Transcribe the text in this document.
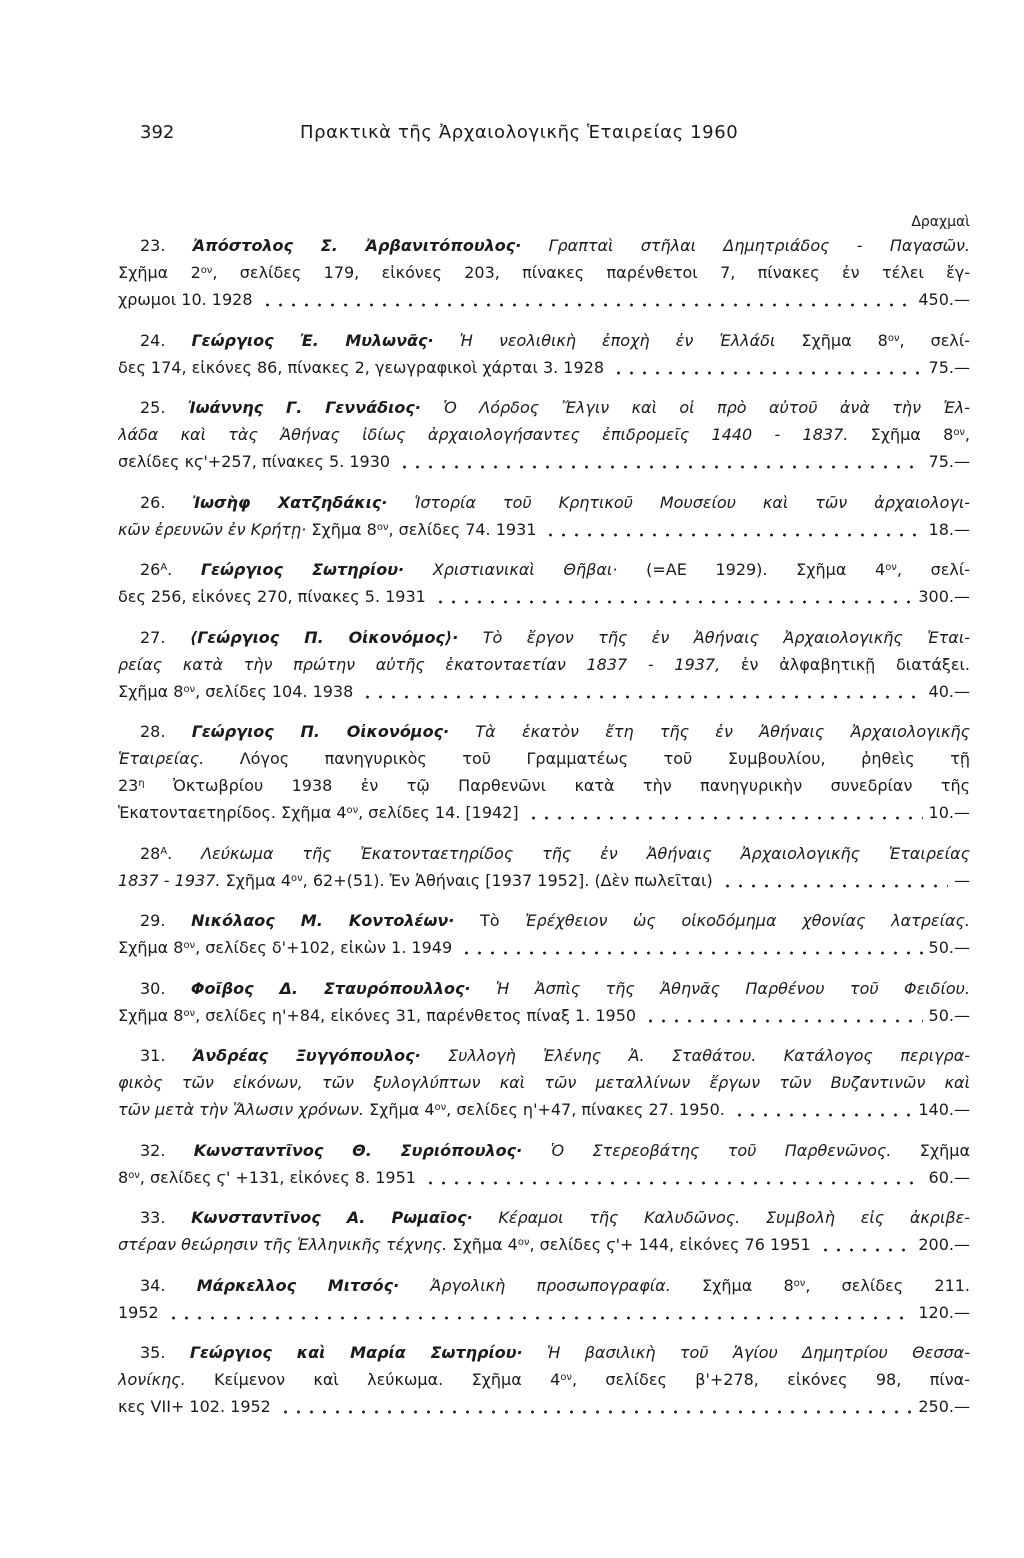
392	Πρακτικὰ τῆς Ἀρχαιολογικῆς Ἑταιρείας 1960
Δραχμαὶ
23. Ἀπόστολος Σ. Ἀρβανιτόπουλος· Γραπταὶ στῆλαι Δημητριάδος - Παγασῶν.
Σχῆμα $2^{o\nu}$, σελίδες 179, εἰκόνες 203, πίνακες παρένθετοι 7, πίνακες ἐν τέλει ἔγ-
χρωμοι 10. 1928	450.—
24. Γεώργιος Ἐ. Μυλωνᾶς· Ἡ νεολιθικὴ ἐποχὴ ἐν Ἑλλάδι Σχῆμα $8^{o\nu}$, σελί-
δες 174, εἰκόνες 86, πίνακες 2, γεωγραφικοὶ χάρται 3. 1928	75.—
25. Ἰωάννης Γ. Γεννάδιος· Ὁ Λόρδος Ἔλγιν καὶ οἱ πρὸ αὐτοῦ ἀνὰ τὴν Ἑλ-
λάδα καὶ τὰς Ἀθήνας ἰδίως ἀρχαιολογήσαντες ἐπιδρομεῖς 1440 - 1837. Σχῆμα $8^{o\nu}$,
σελίδες κϛ'+257, πίνακες 5. 1930	75.—
26. Ἰωσὴφ Χατζηδάκις· Ἱστορία τοῦ Κρητικοῦ Μουσείου καὶ τῶν ἀρχαιολογι-
κῶν ἐρευνῶν ἐν Κρήτῃ· Σχῆμα $8^{o\nu}$, σελίδες 74. 1931	18.—
$26^A$. Γεώργιος Σωτηρίου· Χριστιανικαὶ Θῆβαι· (=ΑΕ 1929). Σχῆμα $4^{o\nu}$, σελί-
δες 256, εἰκόνες 270, πίνακες 5. 1931	300.—
27. ⟨Γεώργιος Π. Οἰκονόμος⟩· Τὸ ἔργον τῆς ἐν Ἀθήναις Ἀρχαιολογικῆς Ἑται-
ρείας κατὰ τὴν πρώτην αὐτῆς ἑκατονταετίαν 1837 - 1937, ἐν ἀλφαβητικῇ διατάξει.
Σχῆμα $8^{o\nu}$, σελίδες 104. 1938	40.—
28. Γεώργιος Π. Οἰκονόμος· Τὰ ἑκατὸν ἔτη τῆς ἐν Ἀθήναις Ἀρχαιολογικῆς
Ἑταιρείας. Λόγος πανηγυρικὸς τοῦ Γραμματέως τοῦ Συμβουλίου, ῥηθεὶς τῇ
$23^\eta$ Ὀκτωβρίου 1938 ἐν τῷ Παρθενῶνι κατὰ τὴν πανηγυρικὴν συνεδρίαν τῆς
Ἑκατονταετηρίδος. Σχῆμα $4^{o\nu}$, σελίδες 14. [1942]	10.—
$28^A$. Λεύκωμα τῆς Ἑκατονταετηρίδος τῆς ἐν Ἀθήναις Ἀρχαιολογικῆς Ἑταιρείας
1837 - 1937. Σχῆμα $4^{o\nu}$, 62+(51). Ἐν Ἀθήναις [1937 1952]. (Δὲν πωλεῖται)	—
29. Νικόλαος Μ. Κοντολέων· Τὸ Ἐρέχθειον ὡς οἰκοδόμημα χθονίας λατρείας.
Σχῆμα $8^{o\nu}$, σελίδες δ'+102, εἰκὼν 1. 1949	50.—
30. Φοῖβος Δ. Σταυρόπουλλος· Ἡ Ἀσπὶς τῆς Ἀθηνᾶς Παρθένου τοῦ Φειδίου.
Σχῆμα $8^{o\nu}$, σελίδες η'+84, εἰκόνες 31, παρένθετος πίναξ 1. 1950	50.—
31. Ἀνδρέας Ξυγγόπουλος· Συλλογὴ Ἑλένης Ἀ. Σταθάτου. Κατάλογος περιγρα-
φικὸς τῶν εἰκόνων, τῶν ξυλογλύπτων καὶ τῶν μεταλλίνων ἔργων τῶν Βυζαντινῶν καὶ
τῶν μετὰ τὴν Ἅλωσιν χρόνων. Σχῆμα $4^{o\nu}$, σελίδες η'+47, πίνακες 27. 1950.	140.—
32. Κωνσταντῖνος Θ. Συριόπουλος· Ὁ Στερεοβάτης τοῦ Παρθενῶνος. Σχῆμα
$8^{o\nu}$, σελίδες ϛ' +131, εἰκόνες 8. 1951	60.—
33. Κωνσταντῖνος Α. Ρωμαῖος· Κέραμοι τῆς Καλυδῶνος. Συμβολὴ εἰς ἀκριβε-
στέραν θεώρησιν τῆς Ἑλληνικῆς τέχνης. Σχῆμα $4^{o\nu}$, σελίδες ϛ'+ 144, εἰκόνες 76 1951	200.—
34. Μάρκελλος Μιτσός· Ἀργολικὴ προσωπογραφία. Σχῆμα $8^{o\nu}$, σελίδες 211.
1952	120.—
35. Γεώργιος καὶ Μαρία Σωτηρίου· Ἡ βασιλικὴ τοῦ Ἁγίου Δημητρίου Θεσσα-
λονίκης. Κείμενον καὶ λεύκωμα. Σχῆμα $4^{o\nu}$, σελίδες β'+278, εἰκόνες 98, πίνα-
κες VII+ 102. 1952	250.—
